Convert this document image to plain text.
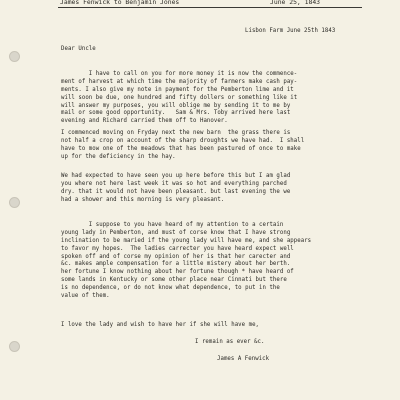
James Fenwick to Benjamin Jones	June 25, 1843
Lisbon Farm June 25th 1843
Dear Uncle

I have to call on you for more money it is now the commence-
ment of harvest at which time the majority of farmers make cash pay-
ments. I also give my note in payment for the Pemberton lime and it
will soon be due, one hundred and fifty dollers or something like it
will answer my purposes, you will oblige me by sending it to me by
mail or some good opportunity.   Sam & Mrs. Toby arrived here last
evening and Richard carried them off to Hanover.

I commenced moving on Fryday next the new barn  the grass there is
not half a crop on account of the sharp droughts we have had.  I shall
have to mow one of the meadows that has been pastured of once to make
up for the deficiency in the hay.

We had expected to have seen you up here before this but I am glad
you where not here last week it was so hot and everything parched
dry. that it would not have been pleasant. but last evening the we
had a shower and this morning is very pleasant.

I suppose to you have heard of my attention to a certain
young lady in Pemberton, and must of corse know that I have strong
inclination to be maried if the young lady will have me, and she appears
to favor my hopes.  The ladies carrecter you have heard expect well
spoken off and of corse my opinion of her is that her carecter and
&c. makes ample compensation for a little mistery about her berth.
her fortune I know nothing about her fortune though * have heard of
some lands in Kentucky or some other place near Cinnati but there
is no dependence, or do not know what dependence, to put in the
value of them.
I love the lady and wish to have her if she will have me,
I remain as ever &c.
James A Fenwick
